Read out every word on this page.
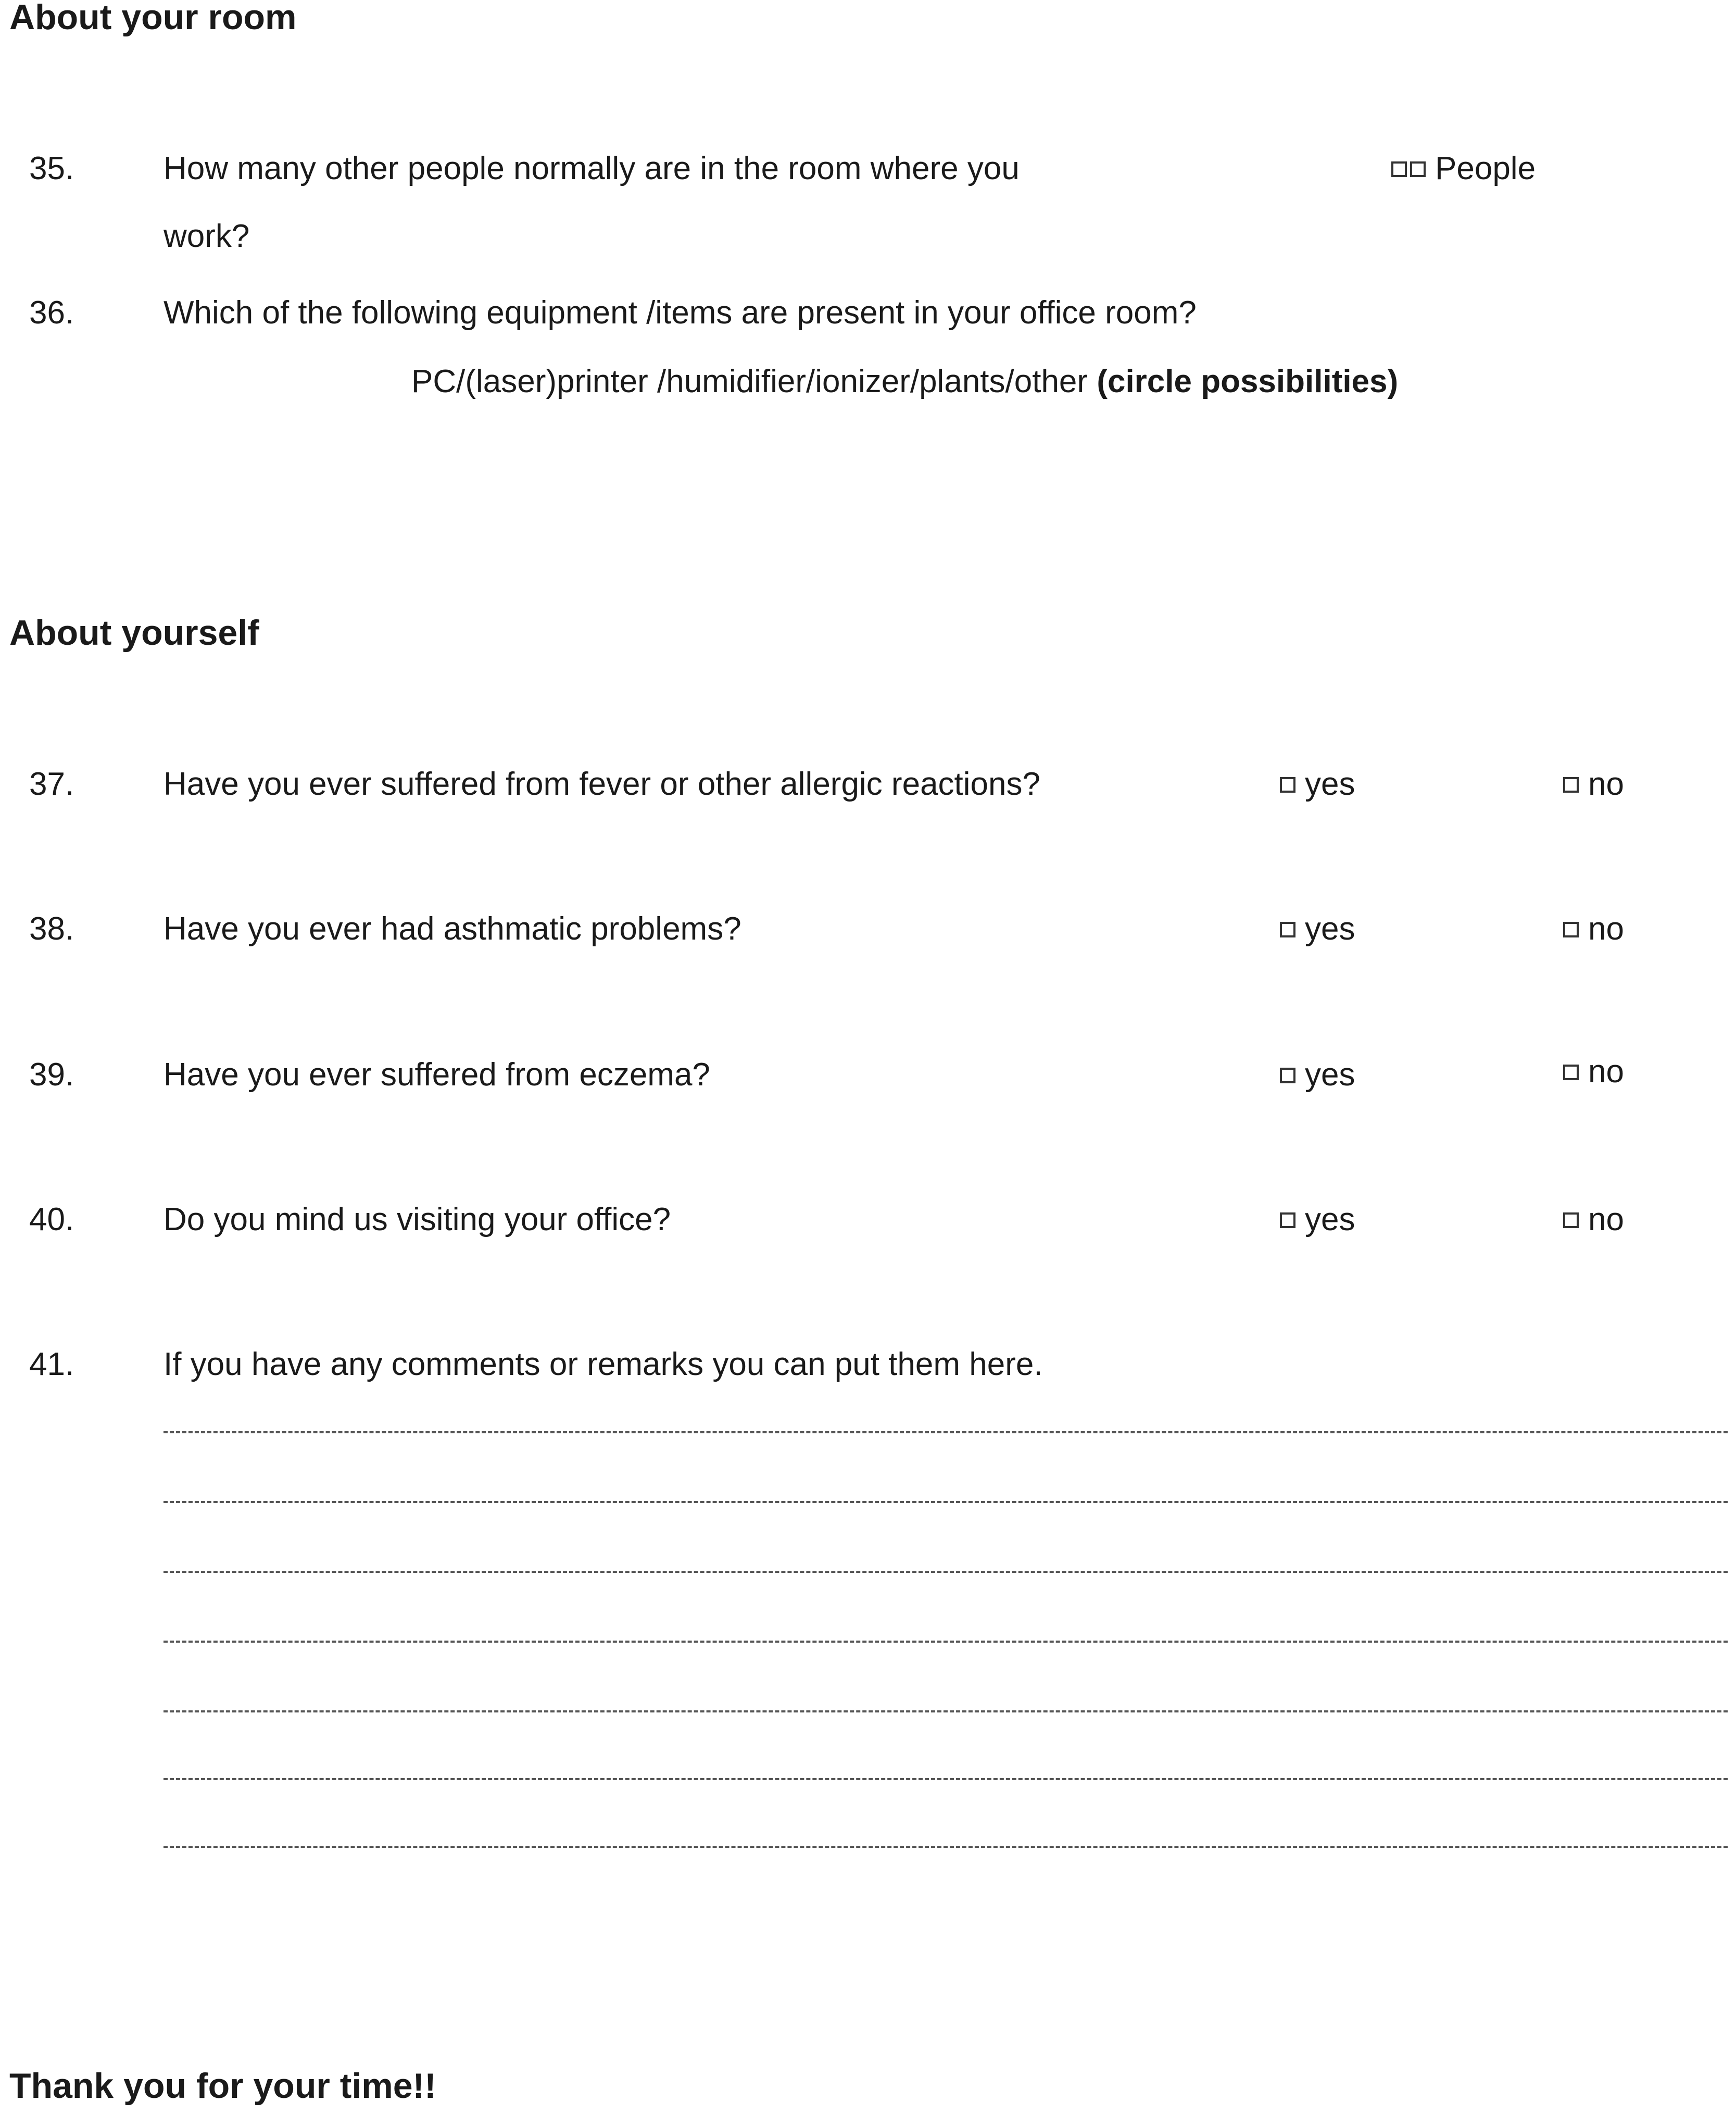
About your room
35.	How many other people normally are in the room where you
work?
People
36.	Which of the following equipment /items are present in your office room?
PC/(laser)printer /humidifier/ionizer/plants/other (circle possibilities)
About yourself
37.	Have you ever suffered from fever or other allergic reactions?	yes	no
38.	Have you ever had asthmatic problems?	yes	no
39.	Have you ever suffered from eczema?	yes	no
40.	Do you mind us visiting your office?	yes	no
41.	If you have any comments or remarks you can put them here.
Thank you for your time!!
